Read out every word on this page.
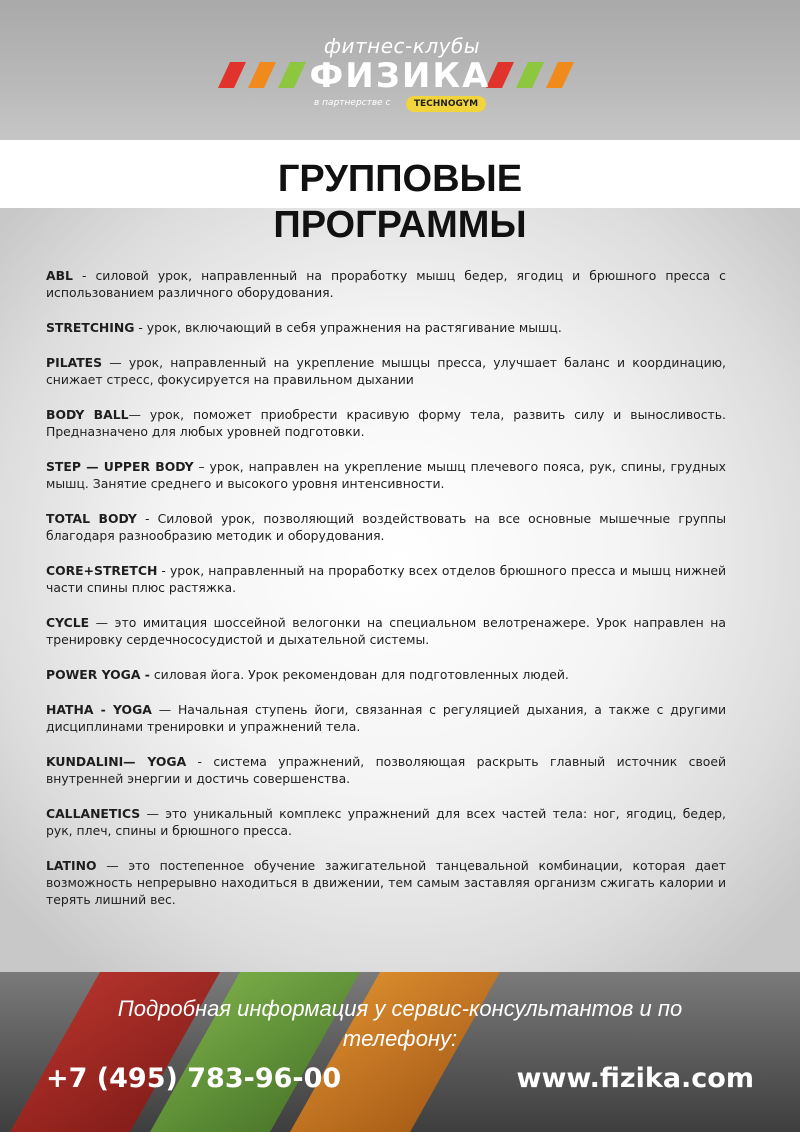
фитнес-клубы
ФИЗИКА
в партнерстве с	TECHNOGYM
ГРУППОВЫЕ
ПРОГРАММЫ

ABL - силовой урок, направленный на проработку мышц бедер, ягодиц и брюшного пресса с использованием различного оборудования.

STRETCHING - урок, включающий в себя упражнения на растягивание мышц.

PILATES — урок, направленный на укрепление мышцы пресса, улучшает баланс и координацию, снижает стресс, фокусируется на правильном дыхании

BODY BALL— урок, поможет приобрести красивую форму тела, развить силу и выносливость. Предназначено для любых уровней подготовки.

STEP — UPPER BODY – урок, направлен на укрепление мышц плечевого пояса, рук, спины, грудных мышц. Занятие среднего и высокого уровня интенсивности.

TOTAL BODY - Силовой урок, позволяющий воздействовать на все основные мышечные группы благодаря разнообразию методик и оборудования.

CORE+STRETCH - урок, направленный на проработку всех отделов брюшного пресса и мышц нижней части спины плюс растяжка.

CYCLE — это имитация шоссейной велогонки на специальном велотренажере. Урок направлен на тренировку сердечнососудистой и дыхательной системы.

POWER YOGA - силовая йога. Урок рекомендован для подготовленных людей.

HATHA - YOGA — Начальная ступень йоги, связанная с регуляцией дыхания, а также с другими дисциплинами тренировки и упражнений тела.

KUNDALINI— YOGA - система упражнений, позволяющая раскрыть главный источник своей внутренней энергии и достичь совершенства.

CALLANETICS — это уникальный комплекс упражнений для всех частей тела: ног, ягодиц, бедер, рук, плеч, спины и брюшного пресса.

LATINO — это постепенное обучение зажигательной танцевальной комбинации, которая дает возможность непрерывно находиться в движении, тем самым заставляя организм сжигать калории и терять лишний вес.

Подробная информация у сервис-консультантов и по
телефону:
+7 (495) 783-96-00	www.fizika.com
